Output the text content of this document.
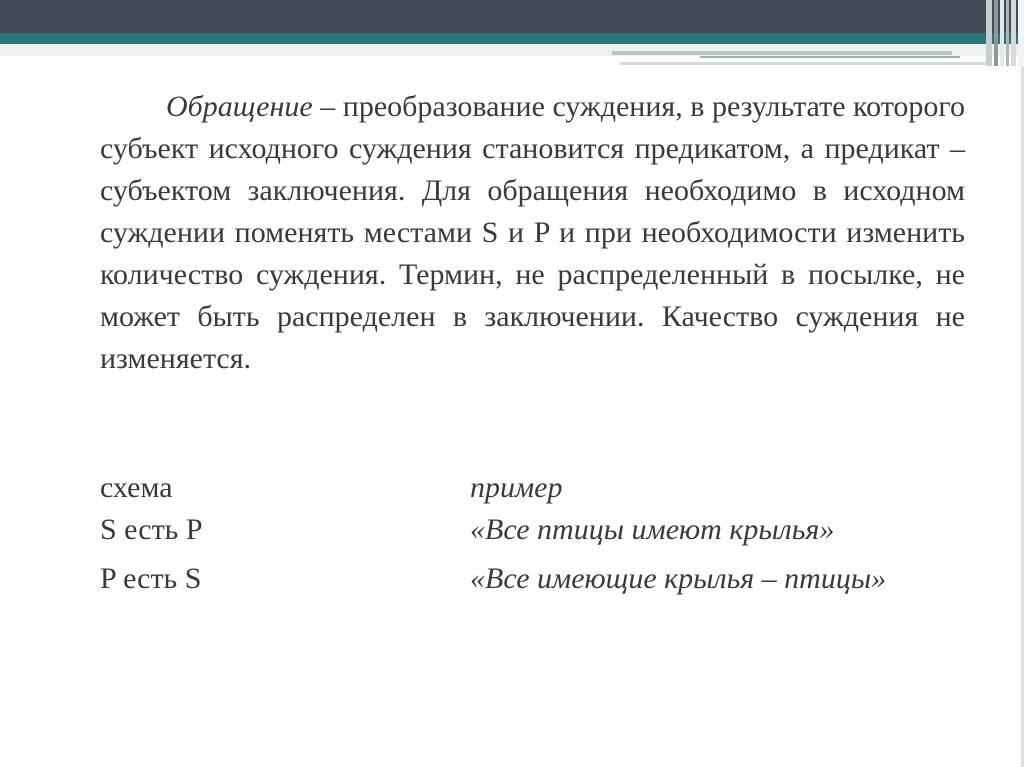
Обращение – преобразование суждения, в результате которого субъект исходного суждения становится предикатом, а предикат – субъектом заключения. Для обращения необходимо в исходном суждении поменять местами S и P и при необходимости изменить количество суждения. Термин, не распределенный в посылке, не может быть распределен в заключении. Качество суждения не изменяется.

схема	пример
S есть P	«Все птицы имеют крылья»
P есть S	«Все имеющие крылья – птицы»
